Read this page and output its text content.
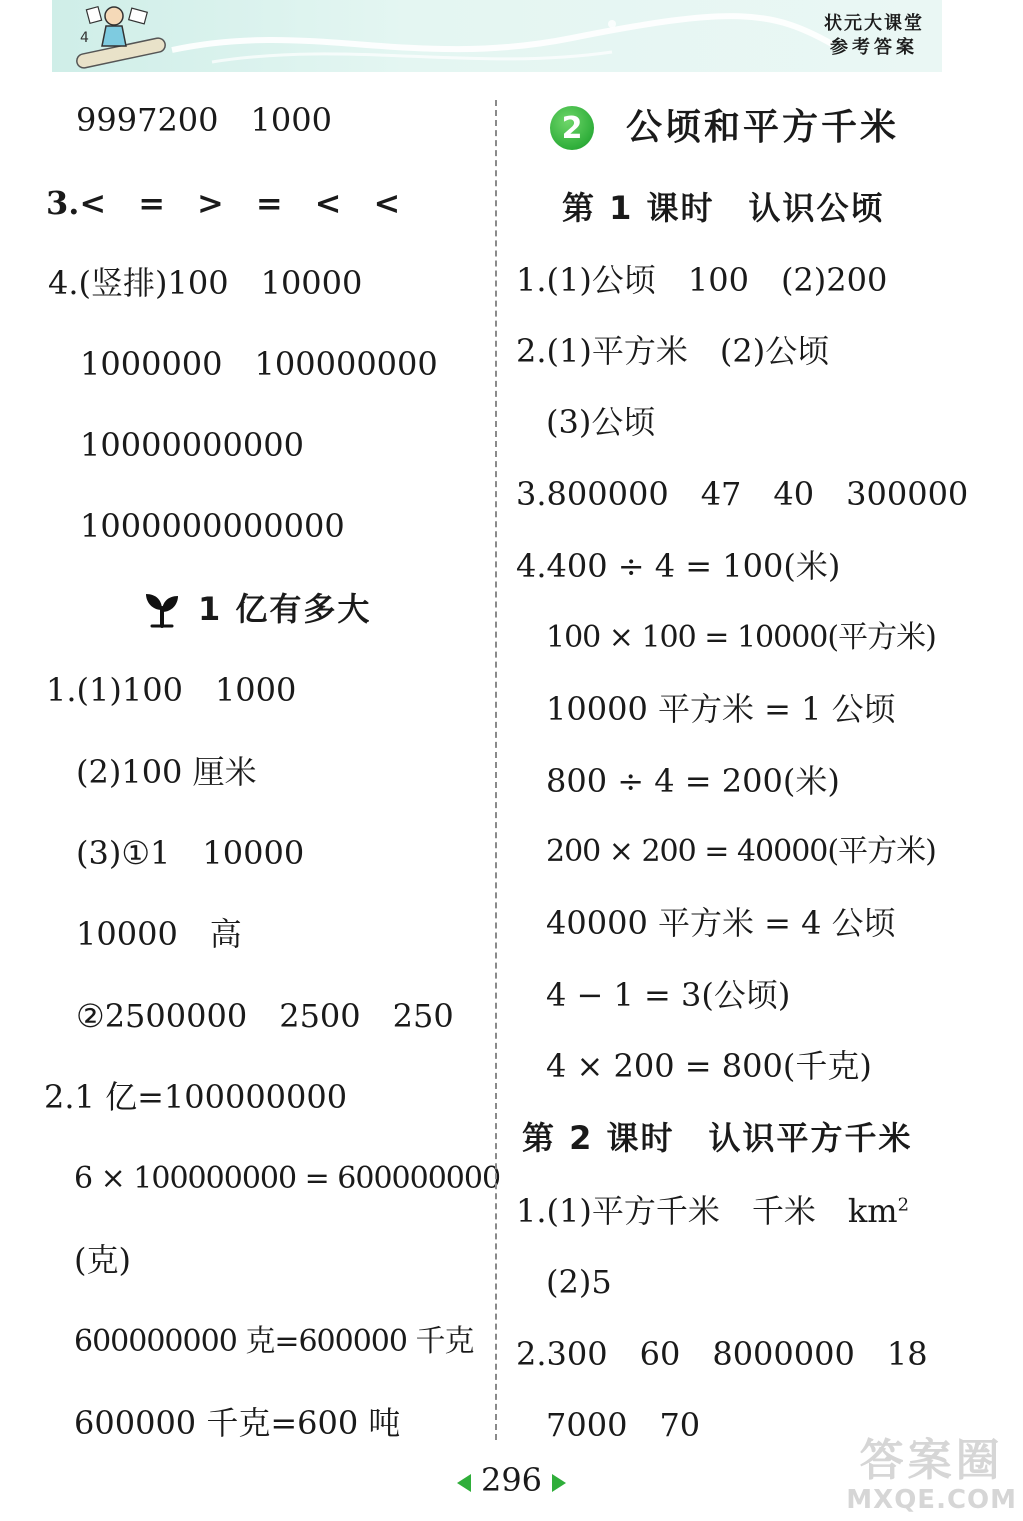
4
状元大课堂
参考答案
9997200　1000
3.<　=　>　=　<　<
4.(竖排)100　10000
1000000　100000000
10000000000
1000000000000
1 亿有多大
1.(1)100　1000
(2)100 厘米
(3)①1　10000
10000　高
②2500000　2500　250
2.1 亿=100000000
6 × 100000000 = 600000000
(克)
600000000 克=600000 千克
600000 千克=600 吨
2	公顷和平方千米
第 1 课时　认识公顷
1.(1)公顷　100　(2)200
2.(1)平方米　(2)公顷
(3)公顷
3.800000　47　40　300000
4.400 ÷ 4 = 100(米)
100 × 100 = 10000(平方米)
10000 平方米 = 1 公顷
800 ÷ 4 = 200(米)
200 × 200 = 40000(平方米)
40000 平方米 = 4 公顷
4 − 1 = 3(公顷)
4 × 200 = 800(千克)
第 2 课时　认识平方千米
1.(1)平方千米　千米　$km^2$
(2)5
2.300　60　8000000　18
7000　70
296	答案圈
MXQE.COM
